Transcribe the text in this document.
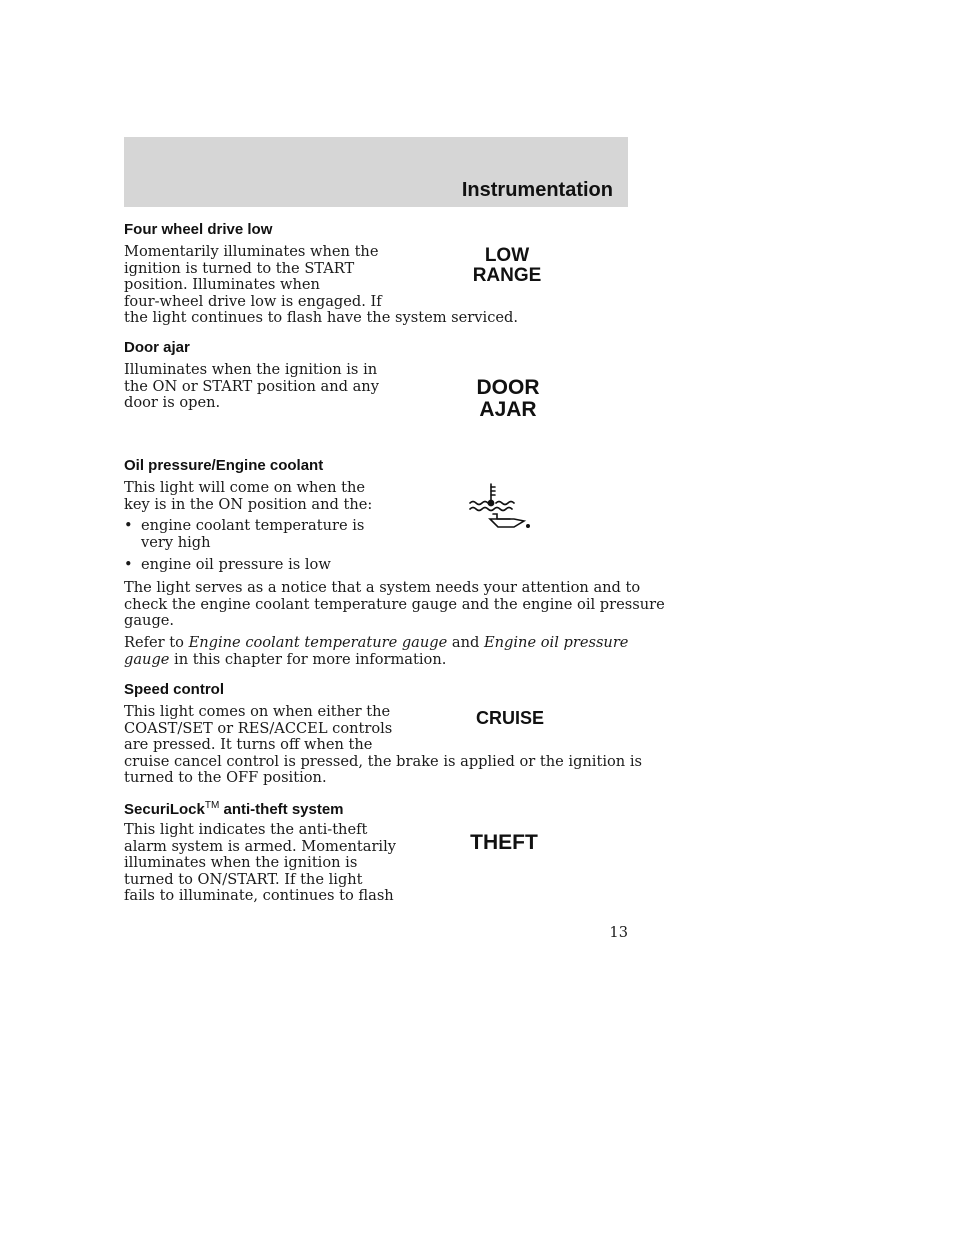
Instrumentation
Four wheel drive low
Momentarily illuminates when the
ignition is turned to the START
position. Illuminates when
four-wheel drive low is engaged. If
the light continues to flash have the system serviced.
LOW
RANGE
Door ajar
Illuminates when the ignition is in
the ON or START position and any
door is open.
DOOR
AJAR
Oil pressure/Engine coolant
This light will come on when the
key is in the ON position and the:
• engine coolant temperature is
very high
• engine oil pressure is low
The light serves as a notice that a system needs your attention and to
check the engine coolant temperature gauge and the engine oil pressure
gauge.
Refer to Engine coolant temperature gauge and Engine oil pressure
gauge in this chapter for more information.
Speed control
This light comes on when either the
COAST/SET or RES/ACCEL controls
are pressed. It turns off when the
cruise cancel control is pressed, the brake is applied or the ignition is
turned to the OFF position.
CRUISE
SecuriLock™ anti-theft system
This light indicates the anti-theft
alarm system is armed. Momentarily
illuminates when the ignition is
turned to ON/START. If the light
fails to illuminate, continues to flash
THEFT
13
